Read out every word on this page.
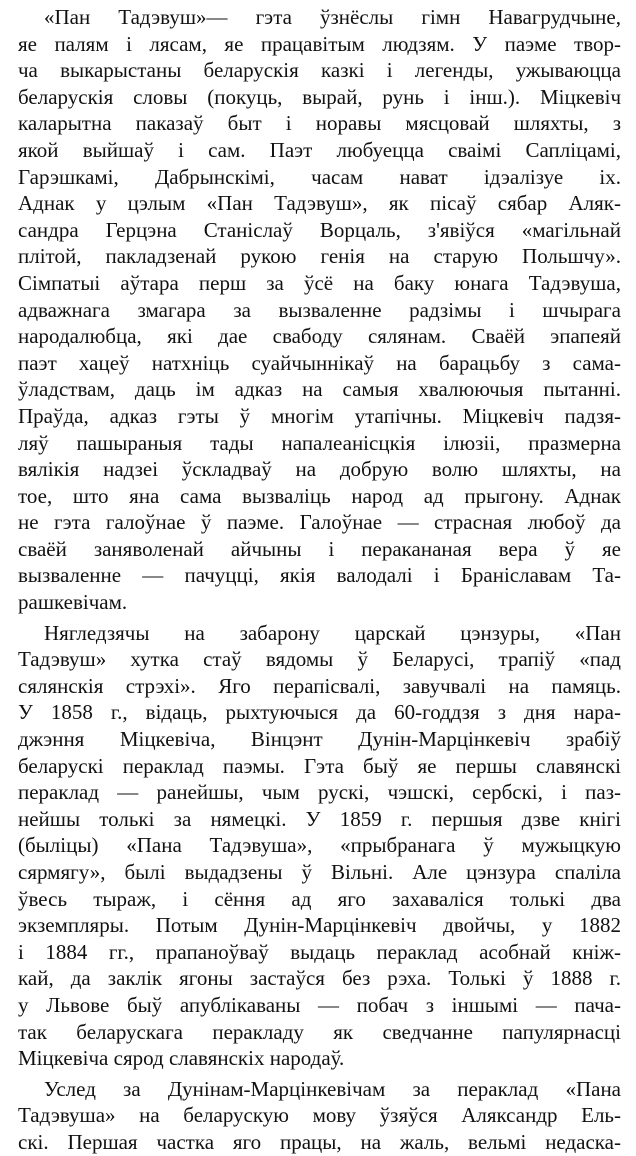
«Пан Тадэвуш»— гэта ўзнёслы гімн Навагрудчыне,
яе палям і лясам, яе працавітым людзям. У паэме твор-
ча выкарыстаны беларускія казкі і легенды, ужываюцца
беларускія словы (покуць, вырай, рунь і інш.). Міцкевіч
каларытна паказаў быт і норавы мясцовай шляхты, з
якой выйшаў і сам. Паэт любуецца сваімі Сапліцамі,
Гарэшкамі, Дабрынскімі, часам нават ідэалізуе іх.
Аднак у цэлым «Пан Тадэвуш», як пісаў сябар Аляк-
сандра Герцэна Станіслаў Ворцаль, з'явіўся «магільнай
плітой, пакладзенай рукою генія на старую Польшчу».
Сімпатыі аўтара перш за ўсё на баку юнага Тадэвуша,
адважнага змагара за вызваленне радзімы і шчырага
народалюбца, які дае свабоду сялянам. Сваёй эпапеяй
паэт хацеў натхніць суайчыннікаў на барацьбу з сама-
ўладствам, даць ім адказ на самыя хвалюючыя пытанні.
Праўда, адказ гэты ў многім утапічны. Міцкевіч падзя-
ляў пашыраныя тады напалеанісцкія ілюзіі, празмерна
вялікія надзеі ўскладваў на добрую волю шляхты, на
тое, што яна сама вызваліць народ ад прыгону. Аднак
не гэта галоўнае ў паэме. Галоўнае — страсная любоў да
сваёй заняволенай айчыны і перакананая вера ў яе
вызваленне — пачуцці, якія валодалі і Браніславам Та-
рашкевічам.
Нягледзячы на забарону царскай цэнзуры, «Пан
Тадэвуш» хутка стаў вядомы ў Беларусі, трапіў «пад
сялянскія стрэхі». Яго перапісвалі, завучвалі на памяць.
У 1858 г., відаць, рыхтуючыся да 60-годдзя з дня нара-
джэння Міцкевіча, Вінцэнт Дунін-Марцінкевіч зрабіў
беларускі пераклад паэмы. Гэта быў яе першы славянскі
пераклад — ранейшы, чым рускі, чэшскі, сербскі, і паз-
нейшы толькі за нямецкі. У 1859 г. першыя дзве кнігі
(быліцы) «Пана Тадэвуша», «прыбранага ў мужыцкую
сярмягу», былі выдадзены ў Вільні. Але цэнзура спаліла
ўвесь тыраж, і сёння ад яго захаваліся толькі два
экземпляры. Потым Дунін-Марцінкевіч двойчы, у 1882
і 1884 гг., прапаноўваў выдаць пераклад асобнай кніж-
кай, да заклік ягоны застаўся без рэха. Толькі ў 1888 г.
у Львове быў апублікаваны — побач з іншымі — пача-
так беларускага перакладу як сведчанне папулярнасці
Міцкевіча сярод славянскіх народаў.
Услед за Дунінам-Марцінкевічам за пераклад «Пана
Тадэвуша» на беларускую мову ўзяўся Аляксандр Ель-
скі. Першая частка яго працы, на жаль, вельмі недаска-
